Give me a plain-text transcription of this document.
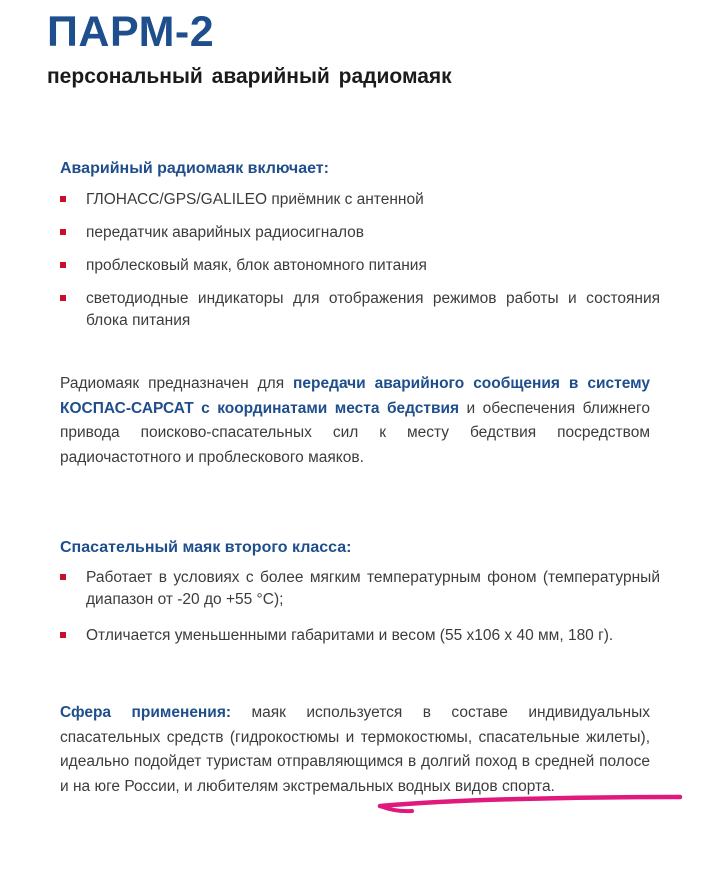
ПАРМ-2
персональный аварийный радиомаяк
Аварийный радиомаяк включает:
ГЛОНАСС/GPS/GALILEO приёмник с антенной
передатчик аварийных радиосигналов
проблесковый маяк, блок автономного питания
светодиодные индикаторы для отображения режимов работы и состояния блока питания

Радиомаяк предназначен для передачи аварийного сообщения в систему КОСПАС-САРСАТ с координатами места бедствия и обеспечения ближнего привода поисково-спасательных сил к месту бедствия посредством радиочастотного и проблескового маяков.

Спасательный маяк второго класса:
Работает в условиях с более мягким температурным фоном (температурный диапазон от -20 до +55 °С);
Отличается уменьшенными габаритами и весом (55 х106 х 40 мм, 180 г).

Сфера применения: маяк используется в составе индивидуальных спасательных средств (гидрокостюмы и термокостюмы, спасательные жилеты), идеально подойдет туристам отправляющимся в долгий поход в средней полосе и на юге России, и любителям экстремальных водных видов спорта.
